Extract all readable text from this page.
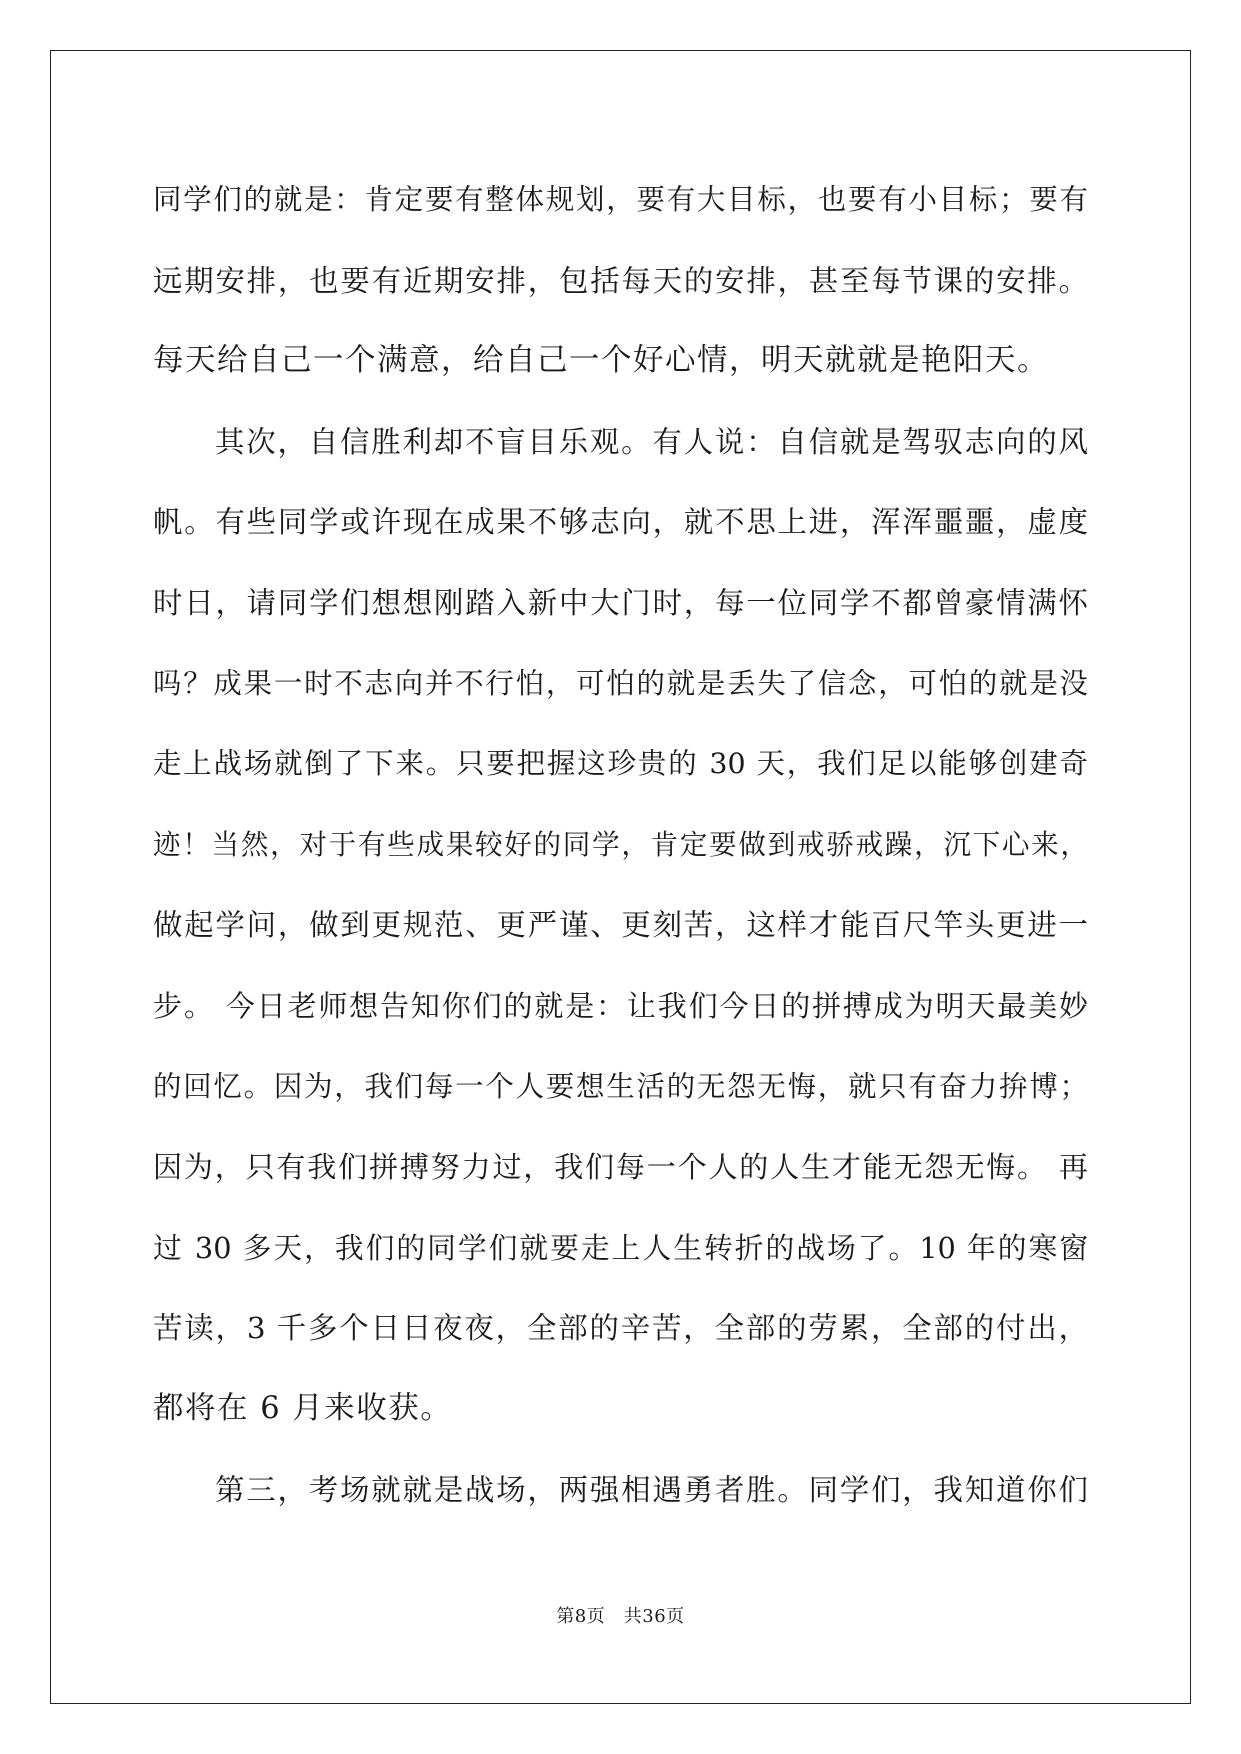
同学们的就是：肯定要有整体规划，要有大目标，也要有小目标；要有
远期安排，也要有近期安排，包括每天的安排，甚至每节课的安排。
每天给自己一个满意，给自己一个好心情，明天就就是艳阳天。

其次，自信胜利却不盲目乐观。有人说：自信就是驾驭志向的风
帆。有些同学或许现在成果不够志向，就不思上进，浑浑噩噩，虚度
时日，请同学们想想刚踏入新中大门时，每一位同学不都曾豪情满怀
吗？成果一时不志向并不行怕，可怕的就是丢失了信念，可怕的就是没
走上战场就倒了下来。只要把握这珍贵的 30 天，我们足以能够创建奇
迹！当然，对于有些成果较好的同学，肯定要做到戒骄戒躁，沉下心来，
做起学问，做到更规范、更严谨、更刻苦，这样才能百尺竿头更进一
步。 今日老师想告知你们的就是：让我们今日的拼搏成为明天最美妙
的回忆。因为，我们每一个人要想生活的无怨无悔，就只有奋力拚博；
因为，只有我们拼搏努力过，我们每一个人的人生才能无怨无悔。 再
过 30 多天，我们的同学们就要走上人生转折的战场了。10 年的寒窗
苦读，3 千多个日日夜夜，全部的辛苦，全部的劳累，全部的付出，
都将在 6 月来收获。

第三，考场就就是战场，两强相遇勇者胜。同学们，我知道你们

第8页　共36页
